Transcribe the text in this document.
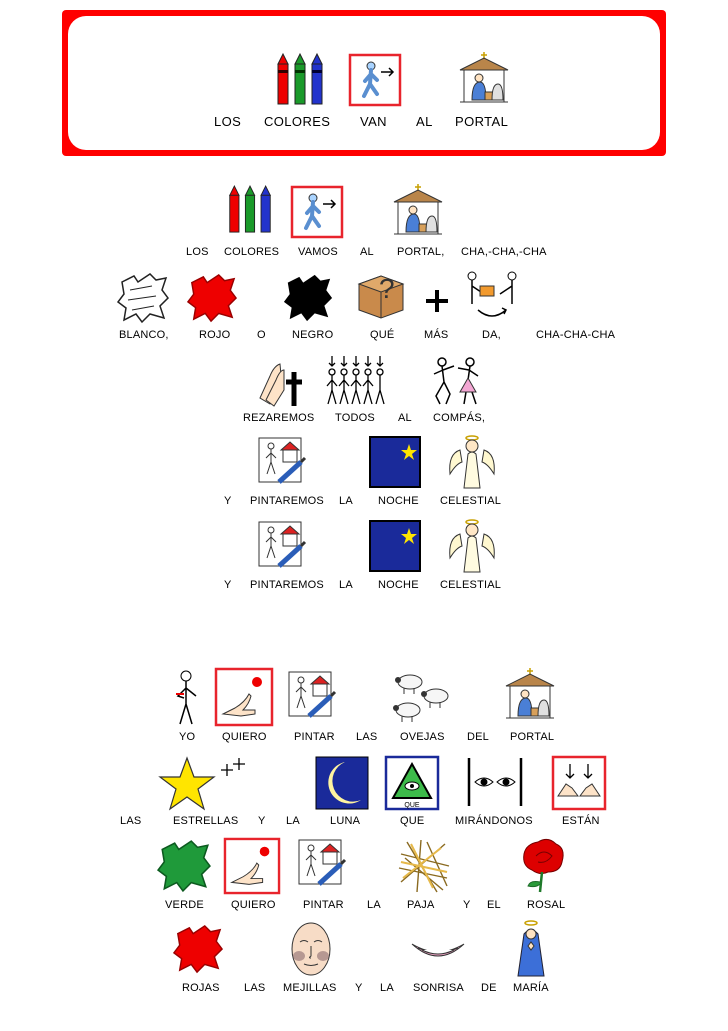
LOS COLORES VAN AL PORTAL
LOS COLORES VAMOS AL PORTAL, CHA,-CHA,-CHA
?
BLANCO,	ROJO O NEGRO	QUÉ	MÁS	DA,	CHA-CHA-CHA
REZAREMOS TODOS AL COMPÁS,
Y PINTAREMOS LA NOCHE CELESTIAL
Y PINTAREMOS LA NOCHE CELESTIAL
YO QUIERO PINTAR LAS OVEJAS DEL PORTAL
QUE
LAS	ESTRELLAS Y LA	LUNA	QUE	MIRÁNDONOS	ESTÁN
VERDE QUIERO PINTAR LA PAJA	Y EL ROSAL
ROJAS LAS MEJILLAS Y LA SONRISA DE MARÍA
